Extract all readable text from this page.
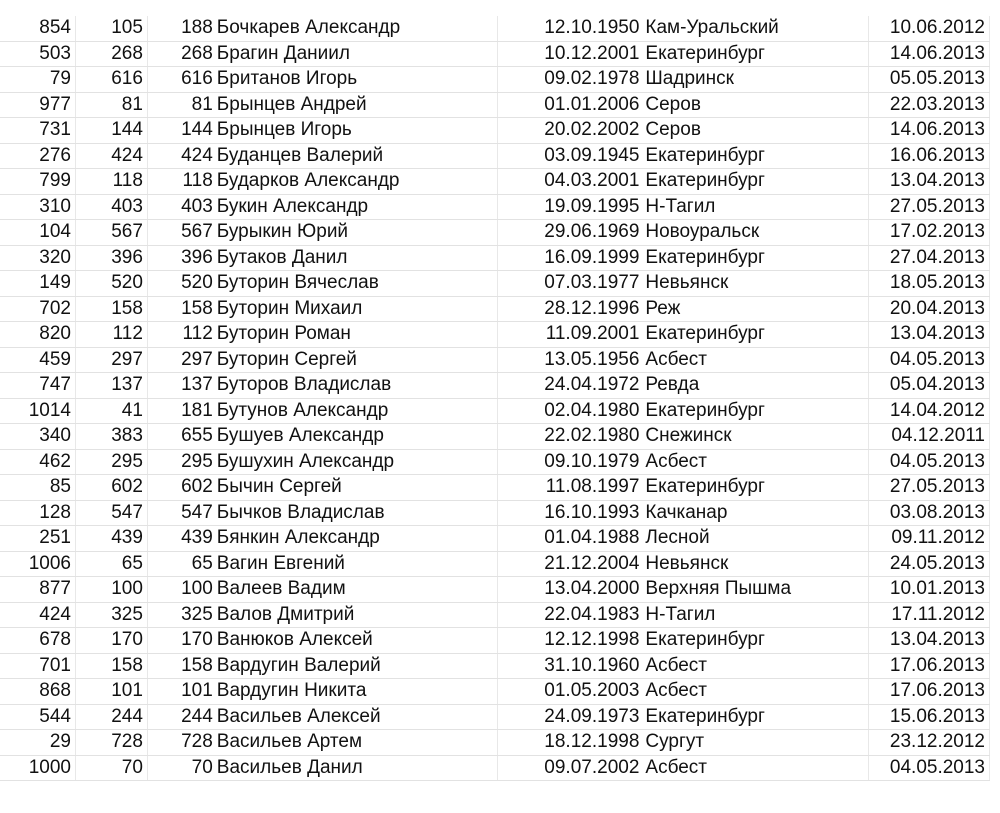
854	105	188	Бочкарев Александр	12.10.1950	Кам-Уральский	10.06.2012
503	268	268	Брагин Даниил	10.12.2001	Екатеринбург	14.06.2013
79	616	616	Британов Игорь	09.02.1978	Шадринск	05.05.2013
977	81	81	Брынцев Андрей	01.01.2006	Серов	22.03.2013
731	144	144	Брынцев Игорь	20.02.2002	Серов	14.06.2013
276	424	424	Буданцев Валерий	03.09.1945	Екатеринбург	16.06.2013
799	118	118	Бударков Александр	04.03.2001	Екатеринбург	13.04.2013
310	403	403	Букин Александр	19.09.1995	Н-Тагил	27.05.2013
104	567	567	Бурыкин Юрий	29.06.1969	Новоуральск	17.02.2013
320	396	396	Бутаков Данил	16.09.1999	Екатеринбург	27.04.2013
149	520	520	Буторин Вячеслав	07.03.1977	Невьянск	18.05.2013
702	158	158	Буторин Михаил	28.12.1996	Реж	20.04.2013
820	112	112	Буторин Роман	11.09.2001	Екатеринбург	13.04.2013
459	297	297	Буторин Сергей	13.05.1956	Асбест	04.05.2013
747	137	137	Буторов Владислав	24.04.1972	Ревда	05.04.2013
1014	41	181	Бутунов Александр	02.04.1980	Екатеринбург	14.04.2012
340	383	655	Бушуев Александр	22.02.1980	Снежинск	04.12.2011
462	295	295	Бушухин Александр	09.10.1979	Асбест	04.05.2013
85	602	602	Бычин Сергей	11.08.1997	Екатеринбург	27.05.2013
128	547	547	Бычков Владислав	16.10.1993	Качканар	03.08.2013
251	439	439	Бянкин Александр	01.04.1988	Лесной	09.11.2012
1006	65	65	Вагин Евгений	21.12.2004	Невьянск	24.05.2013
877	100	100	Валеев Вадим	13.04.2000	Верхняя Пышма	10.01.2013
424	325	325	Валов Дмитрий	22.04.1983	Н-Тагил	17.11.2012
678	170	170	Ванюков Алексей	12.12.1998	Екатеринбург	13.04.2013
701	158	158	Вардугин Валерий	31.10.1960	Асбест	17.06.2013
868	101	101	Вардугин Никита	01.05.2003	Асбест	17.06.2013
544	244	244	Васильев Алексей	24.09.1973	Екатеринбург	15.06.2013
29	728	728	Васильев Артем	18.12.1998	Сургут	23.12.2012
1000	70	70	Васильев Данил	09.07.2002	Асбест	04.05.2013
